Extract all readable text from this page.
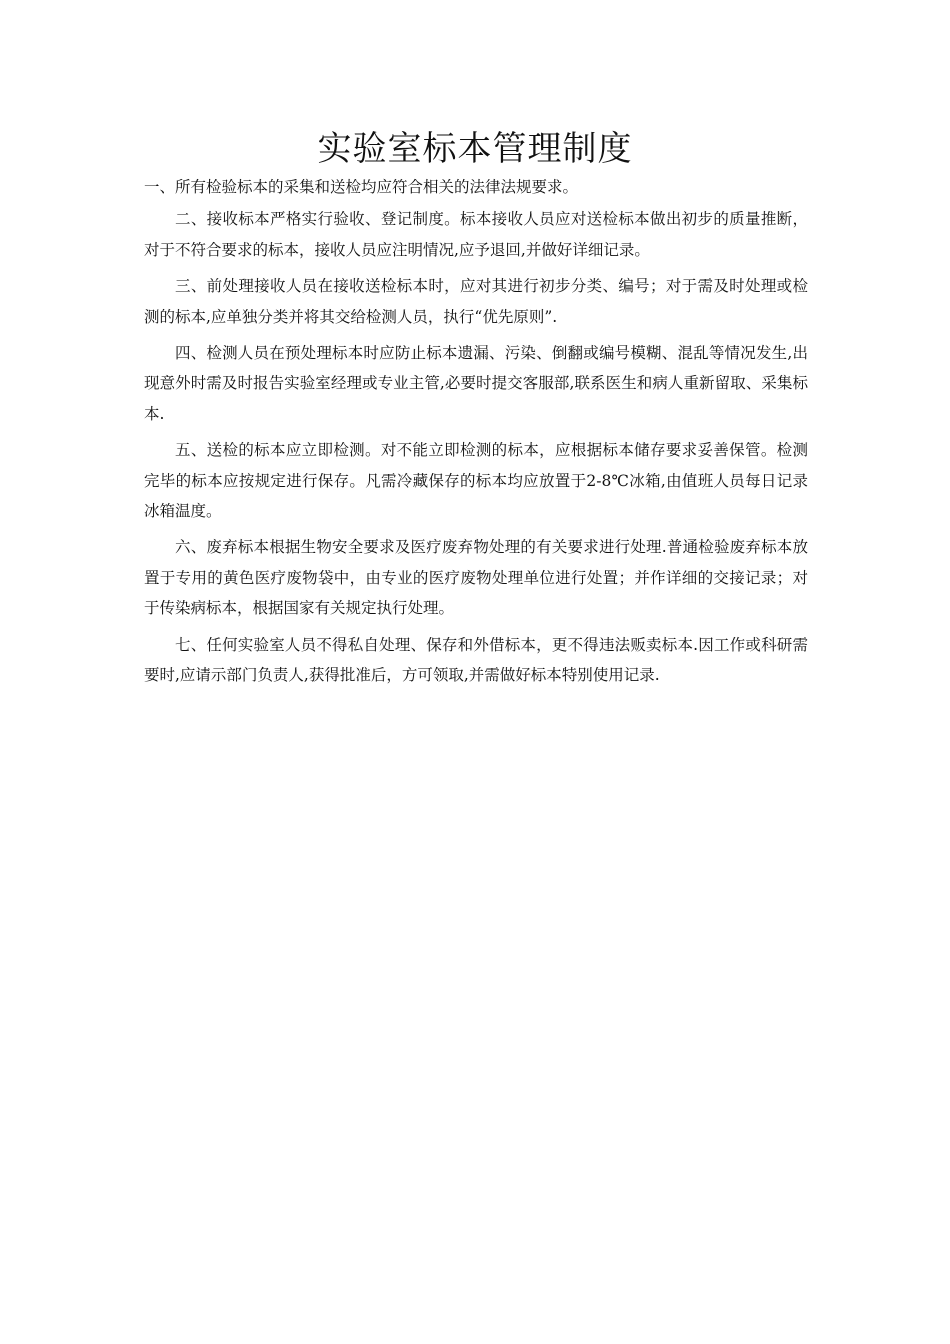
实验室标本管理制度

一、所有检验标本的采集和送检均应符合相关的法律法规要求。

二、接收标本严格实行验收、登记制度。标本接收人员应对送检标本做出初步的质量推断，对于不符合要求的标本，接收人员应注明情况,应予退回,并做好详细记录。

三、前处理接收人员在接收送检标本时，应对其进行初步分类、编号；对于需及时处理或检测的标本,应单独分类并将其交给检测人员，执行“优先原则”.

四、检测人员在预处理标本时应防止标本遗漏、污染、倒翻或编号模糊、混乱等情况发生,出现意外时需及时报告实验室经理或专业主管,必要时提交客服部,联系医生和病人重新留取、采集标本.

五、送检的标本应立即检测。对不能立即检测的标本，应根据标本储存要求妥善保管。检测完毕的标本应按规定进行保存。凡需冷藏保存的标本均应放置于2-8℃冰箱,由值班人员每日记录冰箱温度。

六、废弃标本根据生物安全要求及医疗废弃物处理的有关要求进行处理.普通检验废弃标本放置于专用的黄色医疗废物袋中，由专业的医疗废物处理单位进行处置；并作详细的交接记录；对于传染病标本，根据国家有关规定执行处理。

七、任何实验室人员不得私自处理、保存和外借标本，更不得违法贩卖标本.因工作或科研需要时,应请示部门负责人,获得批准后，方可领取,并需做好标本特别使用记录.
